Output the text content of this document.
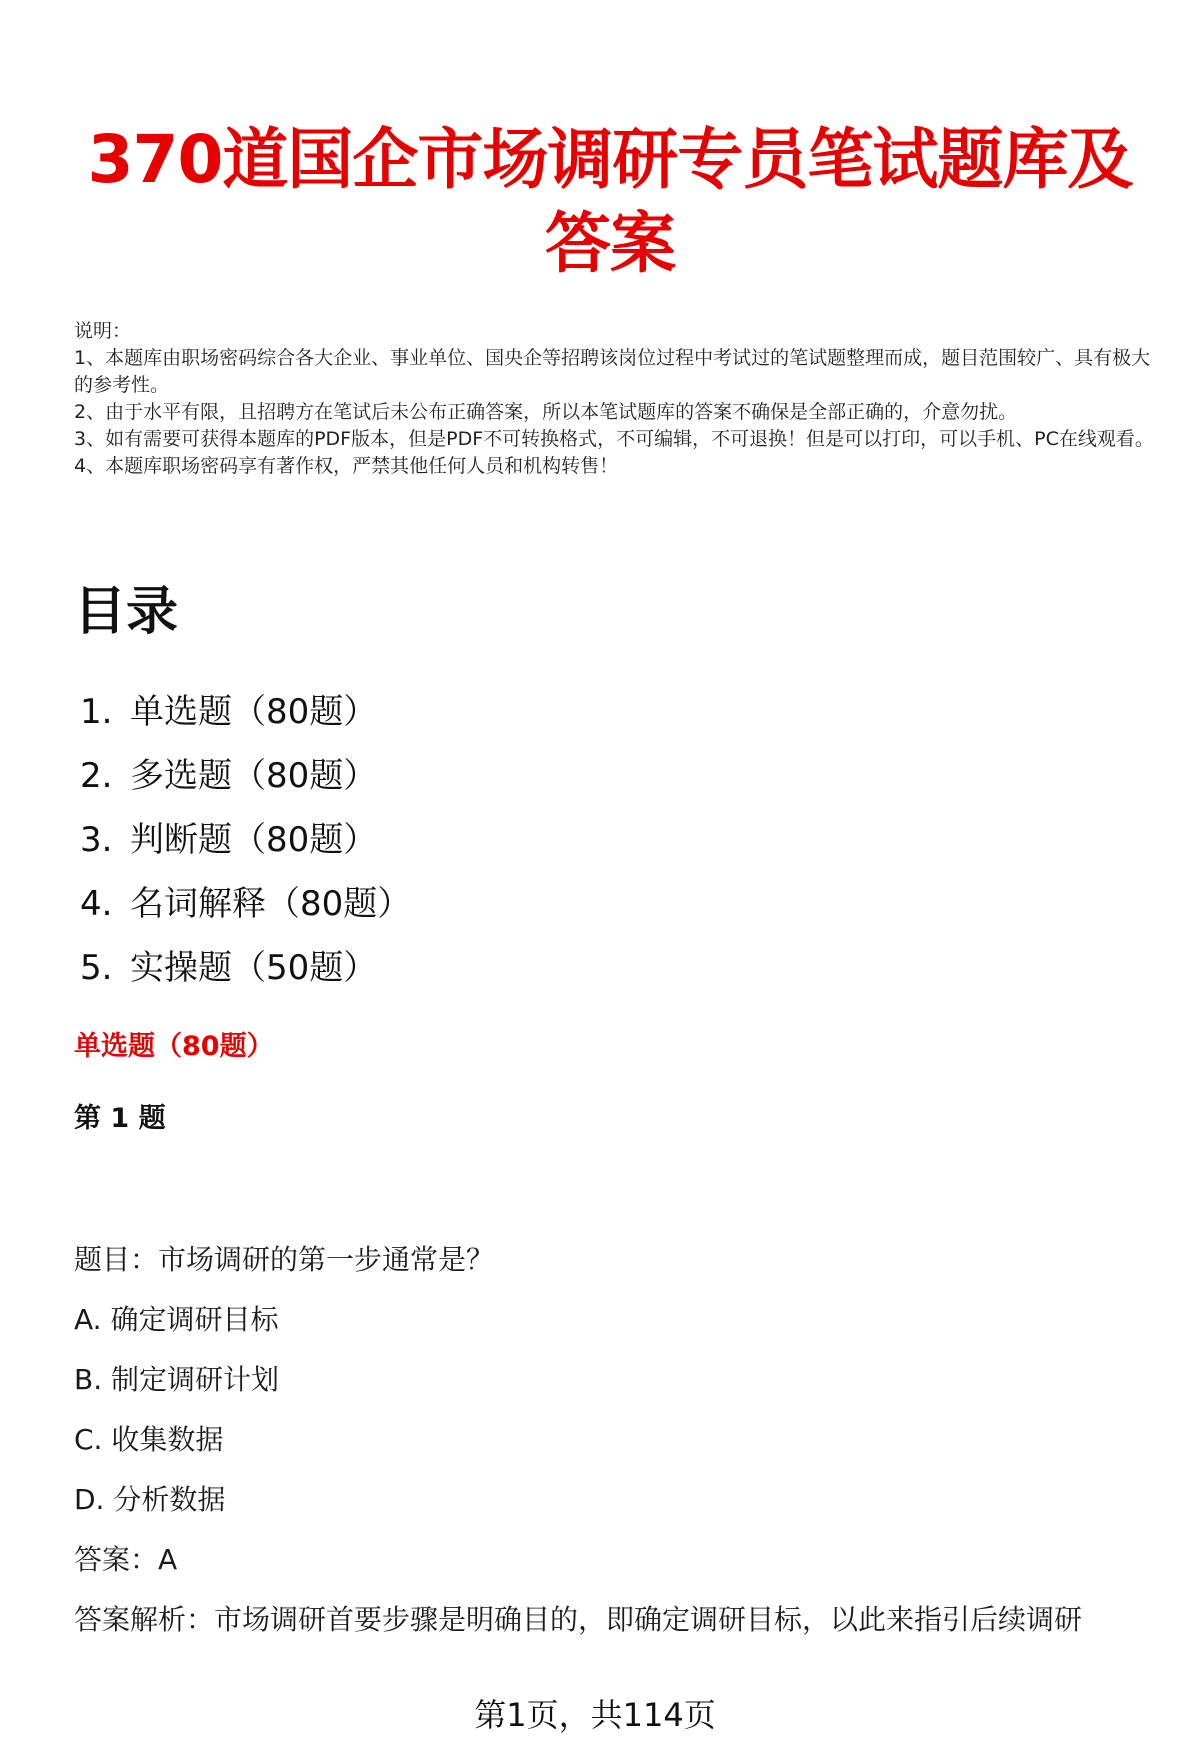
370道国企市场调研专员笔试题库及答案

说明：

1、本题库由职场密码综合各大企业、事业单位、国央企等招聘该岗位过程中考试过的笔试题整理而成，题目范围较广、具有极大的参考性。

2、由于水平有限，且招聘方在笔试后未公布正确答案，所以本笔试题库的答案不确保是全部正确的，介意勿扰。

3、如有需要可获得本题库的PDF版本，但是PDF不可转换格式，不可编辑，不可退换！但是可以打印，可以手机、PC在线观看。

4、本题库职场密码享有著作权，严禁其他任何人员和机构转售！

目录
1. 单选题（80题）
2. 多选题（80题）
3. 判断题（80题）
4. 名词解释（80题）
5. 实操题（50题）
单选题（80题）
第 1 题
题目：市场调研的第一步通常是？
A. 确定调研目标
B. 制定调研计划
C. 收集数据
D. 分析数据
答案：A
答案解析：市场调研首要步骤是明确目的，即确定调研目标，以此来指引后续调研
第1页，共114页
